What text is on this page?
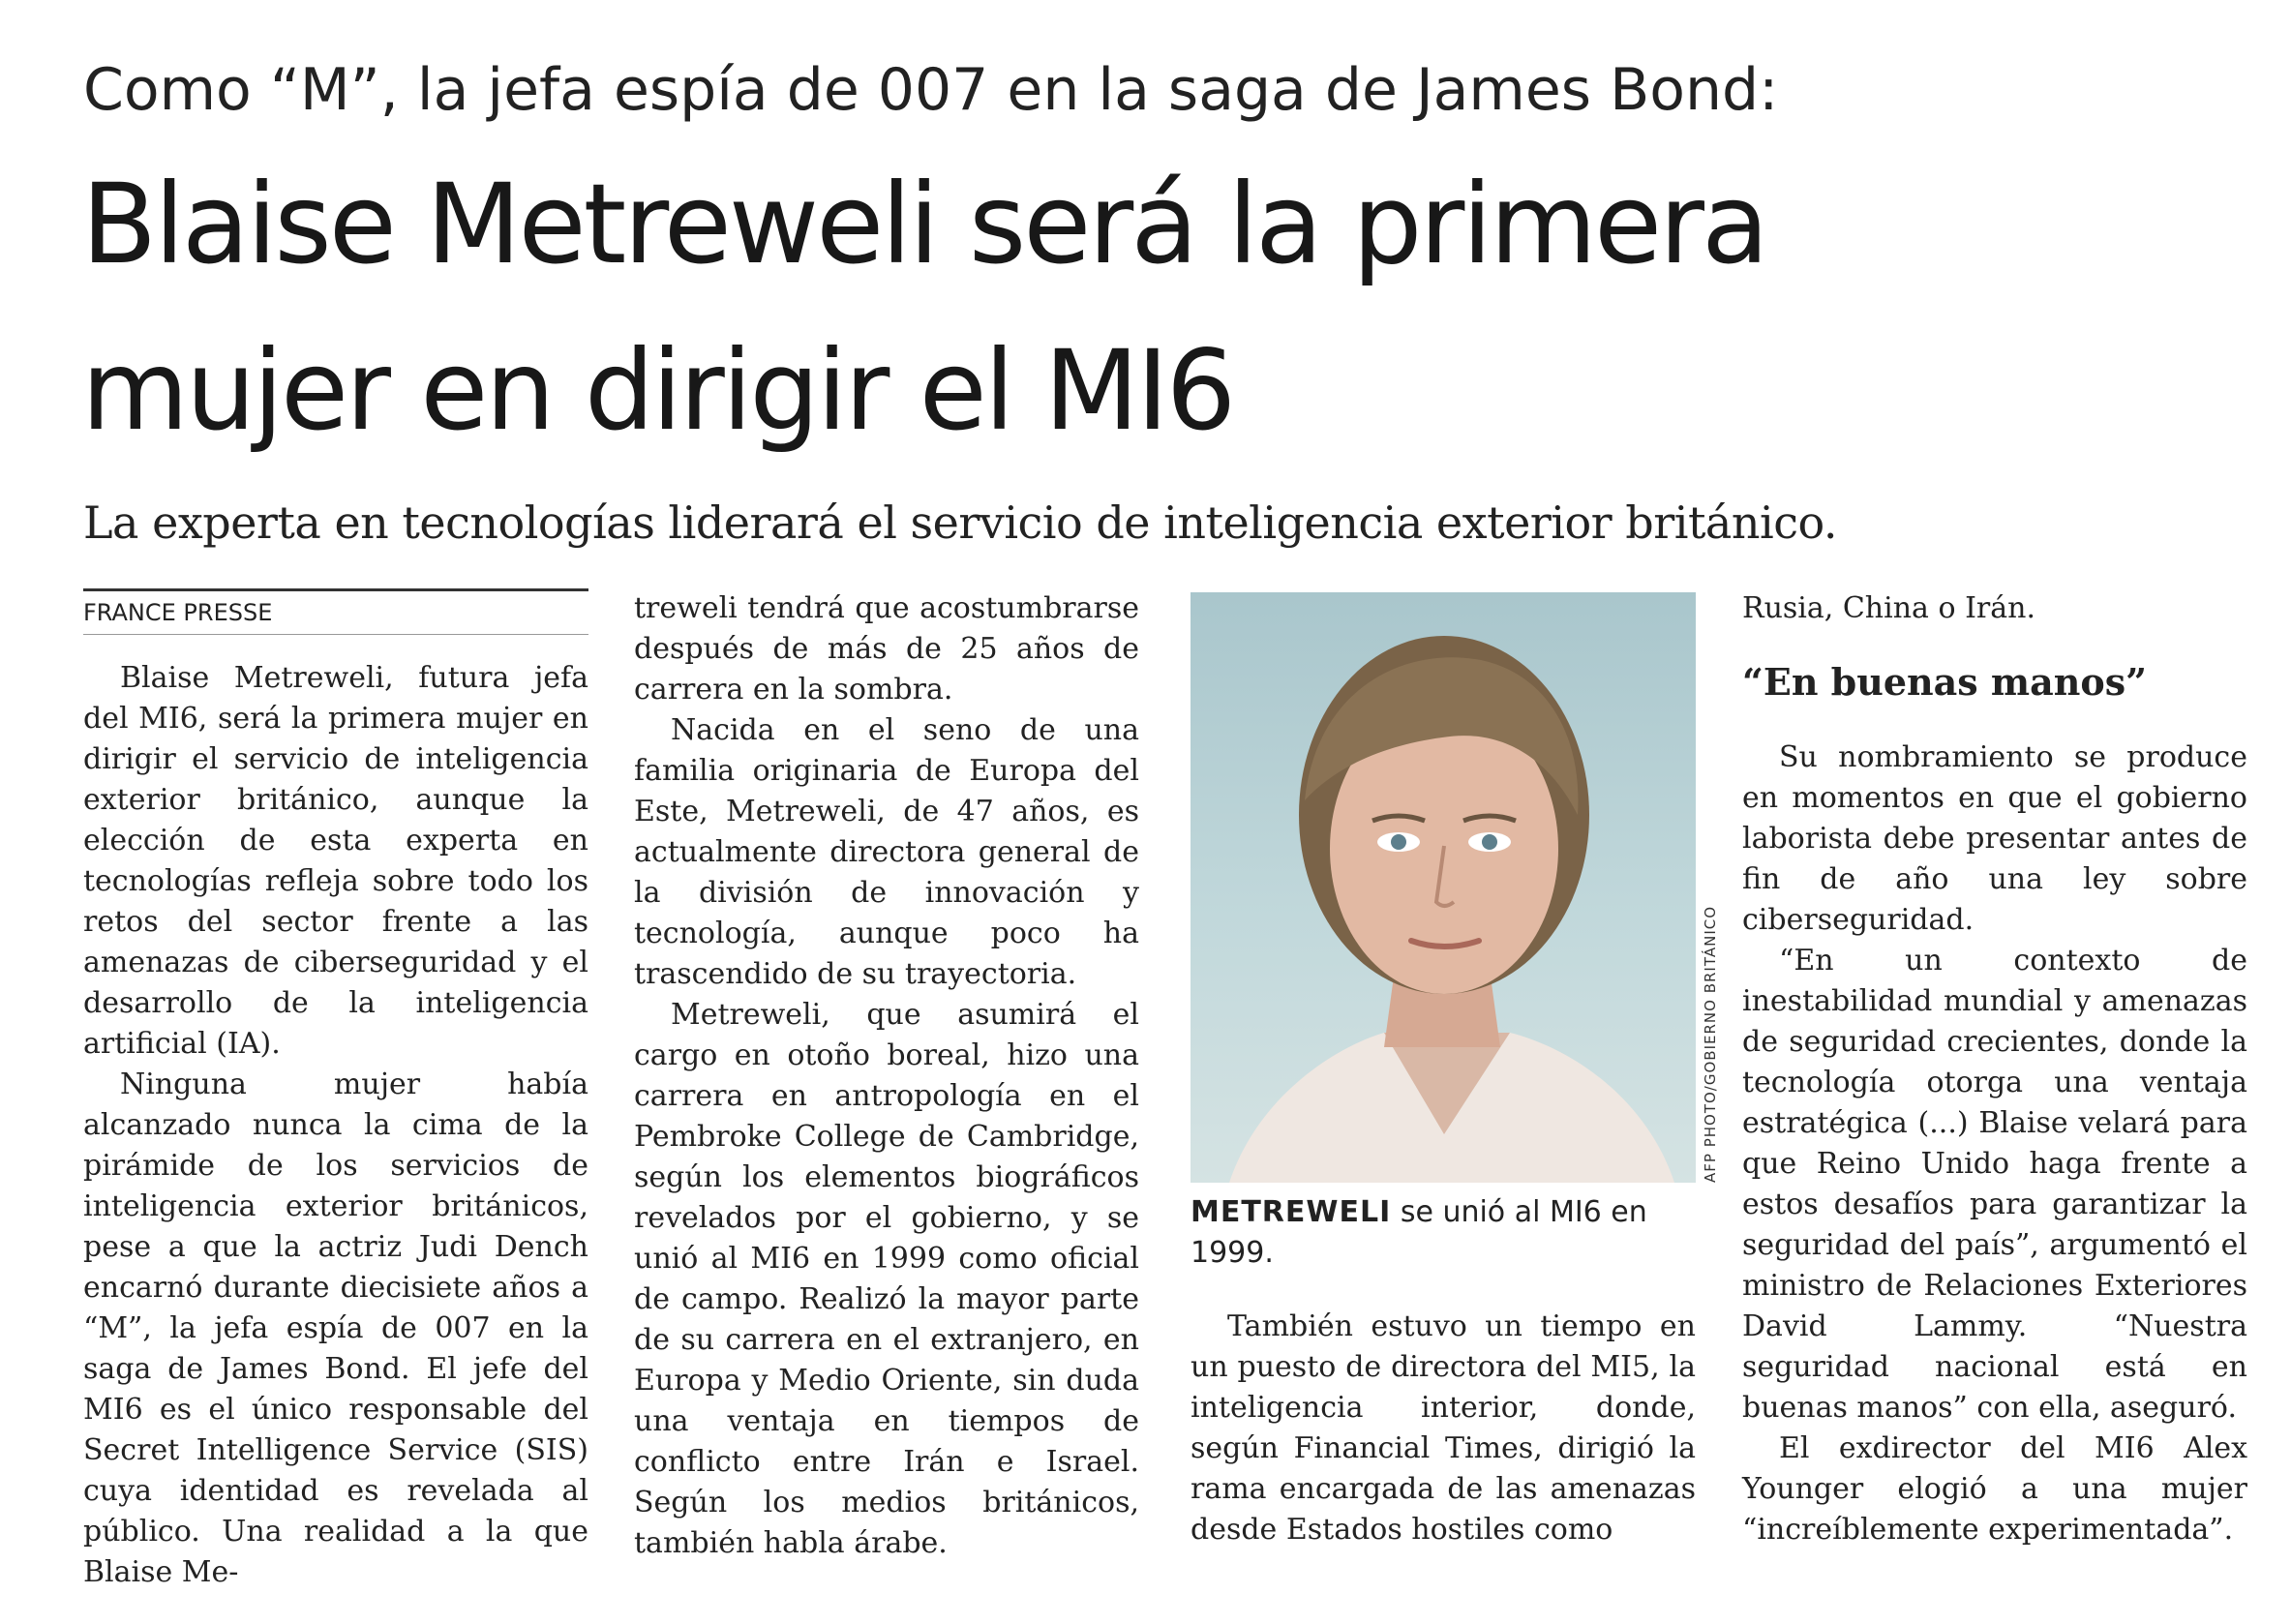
Como “M”, la jefa espía de 007 en la saga de James Bond:
Blaise Metreweli será la primera
mujer en dirigir el MI6
La experta en tecnologías liderará el servicio de inteligencia exterior británico.
FRANCE PRESSE

Blaise Metreweli, futura jefa del MI6, será la primera mujer en dirigir el servicio de inteligencia exterior británico, aunque la elección de esta experta en tecnologías refleja sobre todo los retos del sector frente a las amenazas de ciberseguridad y el desarrollo de la inteligencia artificial (IA).

Ninguna mujer había alcanzado nunca la cima de la pirámide de los servicios de inteligencia exterior británicos, pese a que la actriz Judi Dench encarnó durante diecisiete años a “M”, la jefa espía de 007 en la saga de James Bond. El jefe del MI6 es el único responsable del Secret Intelligence Service (SIS) cuya identidad es revelada al público. Una realidad a la que Blaise Me-

treweli tendrá que acostumbrarse después de más de 25 años de carrera en la sombra.

Nacida en el seno de una familia originaria de Europa del Este, Metreweli, de 47 años, es actualmente directora general de la división de innovación y tecnología, aunque poco ha trascendido de su trayectoria.

Metreweli, que asumirá el cargo en otoño boreal, hizo una carrera en antropología en el Pembroke College de Cambridge, según los elementos biográficos revelados por el gobierno, y se unió al MI6 en 1999 como oficial de campo. Realizó la mayor parte de su carrera en el extranjero, en Europa y Medio Oriente, sin duda una ventaja en tiempos de conflicto entre Irán e Israel. Según los medios británicos, también habla árabe.

AFP PHOTO/GOBIERNO BRITÁNICO
METREWELI se unió al MI6 en 1999.

También estuvo un tiempo en un puesto de directora del MI5, la inteligencia interior, donde, según Financial Times, dirigió la rama encargada de las amenazas desde Estados hostiles como

Rusia, China o Irán.

“En buenas manos”

Su nombramiento se produce en momentos en que el gobierno laborista debe presentar antes de fin de año una ley sobre ciberseguridad.

“En un contexto de inestabilidad mundial y amenazas de seguridad crecientes, donde la tecnología otorga una ventaja estratégica (...) Blaise velará para que Reino Unido haga frente a estos desafíos para garantizar la seguridad del país”, argumentó el ministro de Relaciones Exteriores David Lammy. “Nuestra seguridad nacional está en buenas manos” con ella, aseguró.

El exdirector del MI6 Alex Younger elogió a una mujer “increíblemente experimentada”.
